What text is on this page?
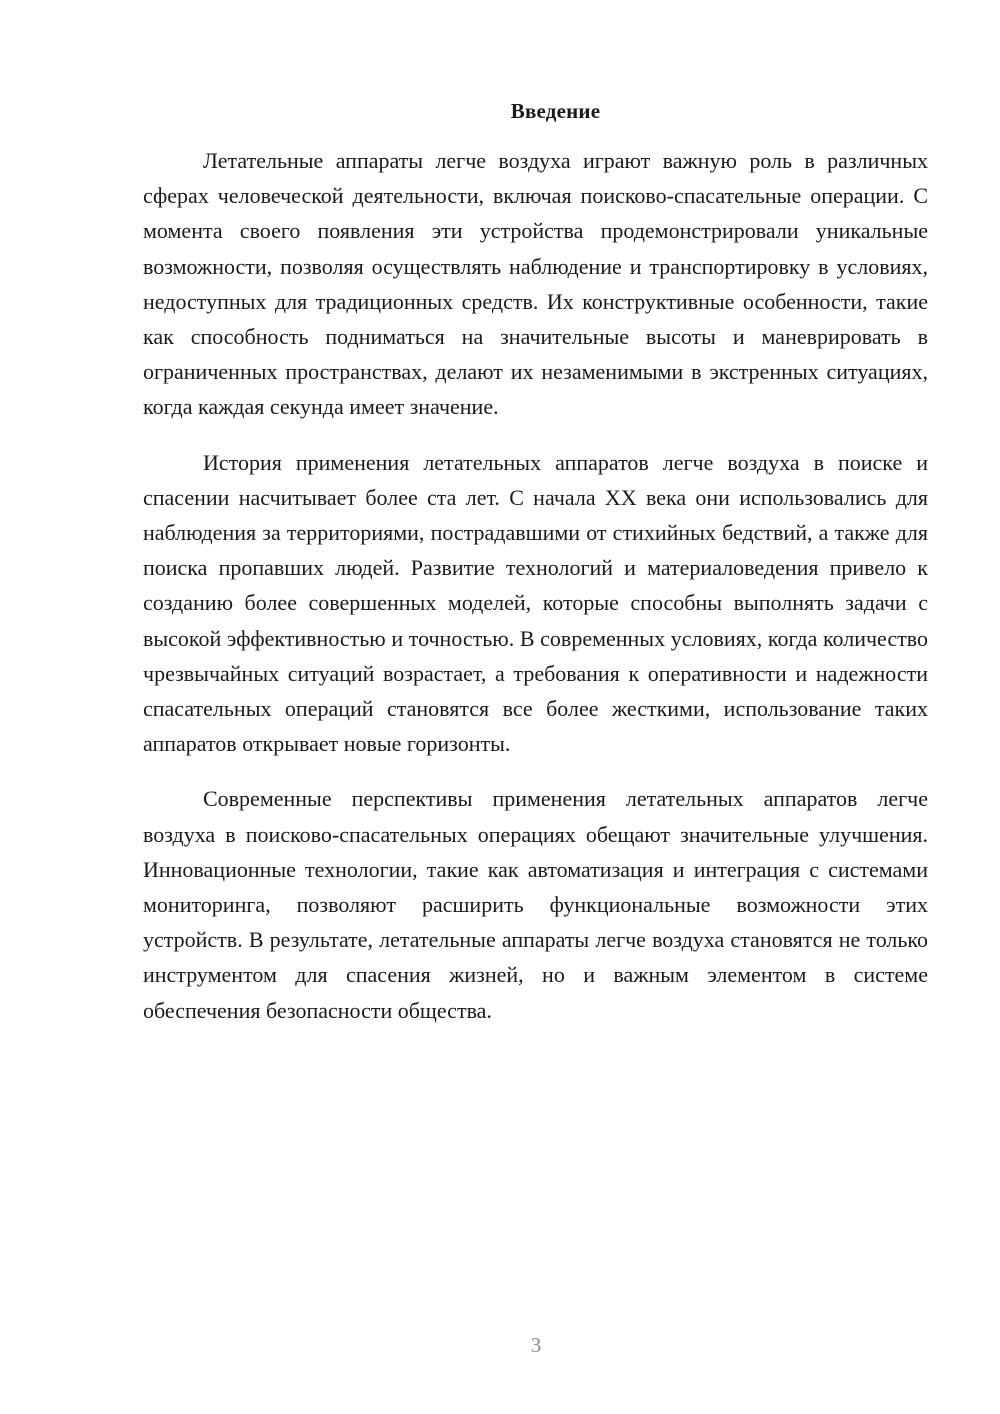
Введение

Летательные аппараты легче воздуха играют важную роль в различных сферах человеческой деятельности, включая поисково-спасательные операции. С момента своего появления эти устройства продемонстрировали уникальные возможности, позволяя осуществлять наблюдение и транспортировку в условиях, недоступных для традиционных средств. Их конструктивные особенности, такие как способность подниматься на значительные высоты и маневрировать в ограниченных пространствах, делают их незаменимыми в экстренных ситуациях, когда каждая секунда имеет значение.

История применения летательных аппаратов легче воздуха в поиске и спасении насчитывает более ста лет. С начала XX века они использовались для наблюдения за территориями, пострадавшими от стихийных бедствий, а также для поиска пропавших людей. Развитие технологий и материаловедения привело к созданию более совершенных моделей, которые способны выполнять задачи с высокой эффективностью и точностью. В современных условиях, когда количество чрезвычайных ситуаций возрастает, а требования к оперативности и надежности спасательных операций становятся все более жесткими, использование таких аппаратов открывает новые горизонты.

Современные перспективы применения летательных аппаратов легче воздуха в поисково-спасательных операциях обещают значительные улучшения. Инновационные технологии, такие как автоматизация и интеграция с системами мониторинга, позволяют расширить функциональные возможности этих устройств. В результате, летательные аппараты легче воздуха становятся не только инструментом для спасения жизней, но и важным элементом в системе обеспечения безопасности общества.

3
